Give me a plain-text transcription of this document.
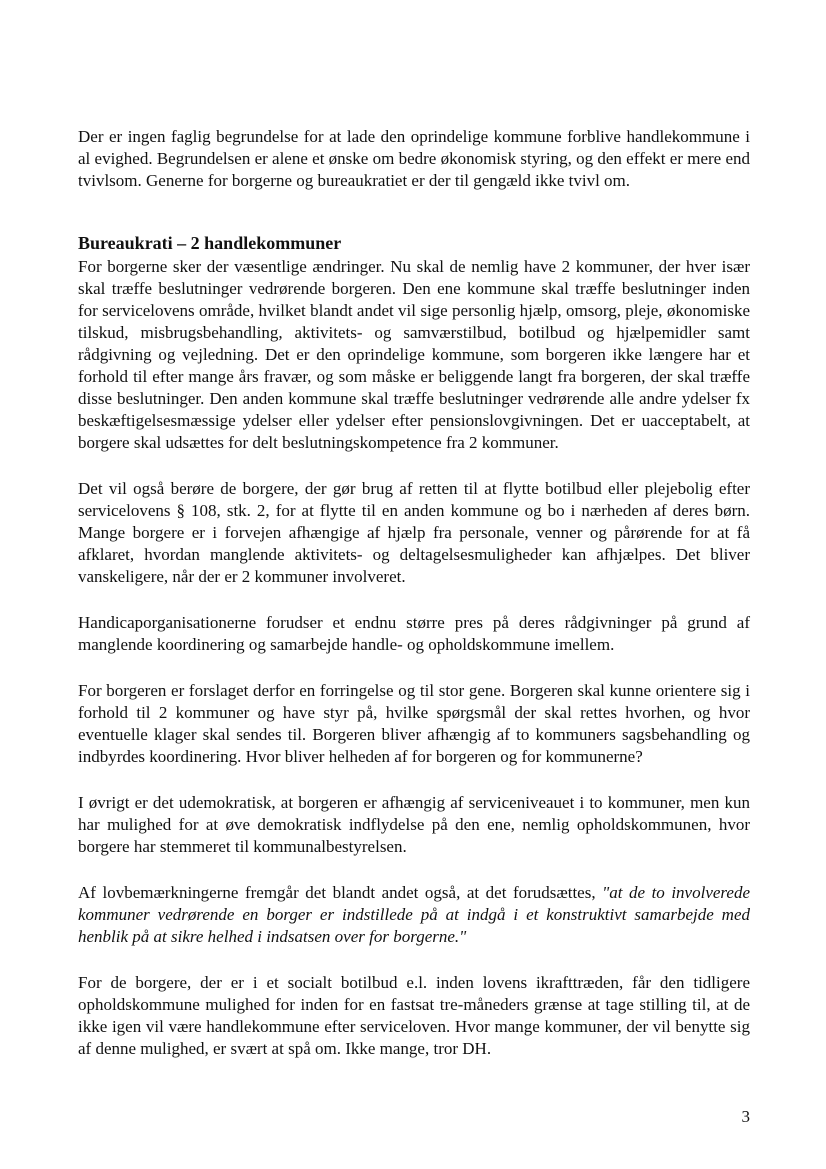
Der er ingen faglig begrundelse for at lade den oprindelige kommune forblive handlekommune i al evighed. Begrundelsen er alene et ønske om bedre økonomisk styring, og den effekt er mere end tvivlsom. Generne for borgerne og bureaukratiet er der til gengæld ikke tvivl om.

Bureaukrati – 2 handlekommuner

For borgerne sker der væsentlige ændringer. Nu skal de nemlig have 2 kommuner, der hver især skal træffe beslutninger vedrørende borgeren. Den ene kommune skal træffe beslutninger inden for servicelovens område, hvilket blandt andet vil sige personlig hjælp, omsorg, pleje, økonomiske tilskud, misbrugsbehandling, aktivitets- og samværstilbud, botilbud og hjælpemidler samt rådgivning og vejledning. Det er den oprindelige kommune, som borgeren ikke længere har et forhold til efter mange års fravær, og som måske er beliggende langt fra borgeren, der skal træffe disse beslutninger. Den anden kommune skal træffe beslutninger vedrørende alle andre ydelser fx beskæftigelsesmæssige ydelser eller ydelser efter pensionslovgivningen. Det er uacceptabelt, at borgere skal udsættes for delt beslutningskompetence fra 2 kommuner.

Det vil også berøre de borgere, der gør brug af retten til at flytte botilbud eller plejebolig efter servicelovens § 108, stk. 2, for at flytte til en anden kommune og bo i nærheden af deres børn. Mange borgere er i forvejen afhængige af hjælp fra personale, venner og pårørende for at få afklaret, hvordan manglende aktivitets- og deltagelsesmuligheder kan afhjælpes. Det bliver vanskeligere, når der er 2 kommuner involveret.

Handicaporganisationerne forudser et endnu større pres på deres rådgivninger på grund af manglende koordinering og samarbejde handle- og opholdskommune imellem.

For borgeren er forslaget derfor en forringelse og til stor gene. Borgeren skal kunne orientere sig i forhold til 2 kommuner og have styr på, hvilke spørgsmål der skal rettes hvorhen, og hvor eventuelle klager skal sendes til. Borgeren bliver afhængig af to kommuners sagsbehandling og indbyrdes koordinering. Hvor bliver helheden af for borgeren og for kommunerne?

I øvrigt er det udemokratisk, at borgeren er afhængig af serviceniveauet i to kommuner, men kun har mulighed for at øve demokratisk indflydelse på den ene, nemlig opholdskommunen, hvor borgere har stemmeret til kommunalbestyrelsen.

Af lovbemærkningerne fremgår det blandt andet også, at det forudsættes, "at de to involverede kommuner vedrørende en borger er indstillede på at indgå i et konstruktivt samarbejde med henblik på at sikre helhed i indsatsen over for borgerne."

For de borgere, der er i et socialt botilbud e.l. inden lovens ikrafttræden, får den tidligere opholdskommune mulighed for inden for en fastsat tre-måneders grænse at tage stilling til, at de ikke igen vil være handlekommune efter serviceloven. Hvor mange kommuner, der vil benytte sig af denne mulighed, er svært at spå om. Ikke mange, tror DH.

3
